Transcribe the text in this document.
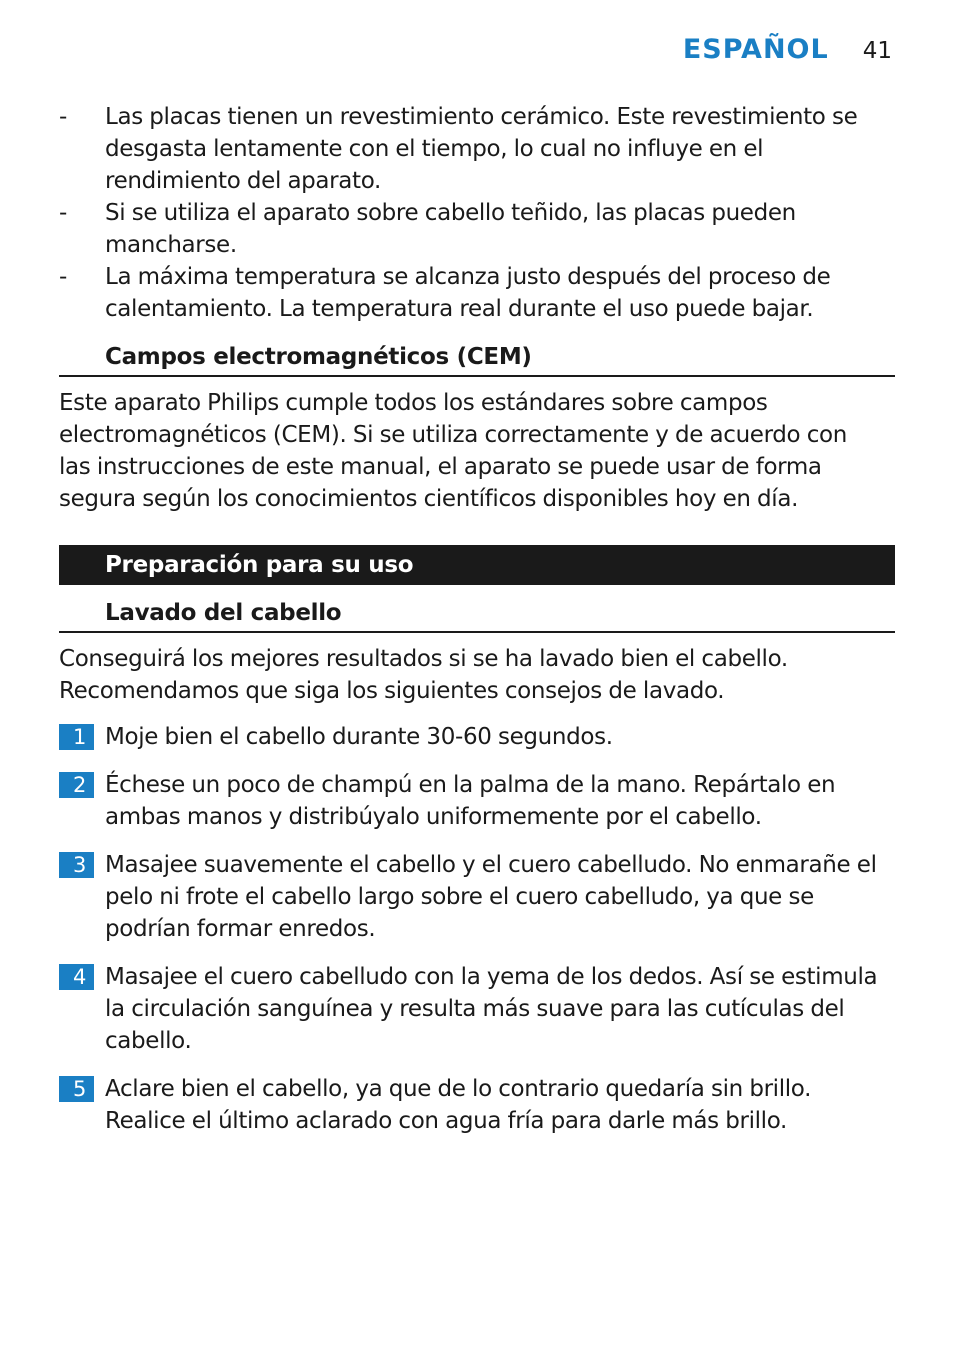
ESPAÑOL 41
- Las placas tienen un revestimiento cerámico. Este revestimiento se desgasta lentamente con el tiempo, lo cual no influye en el rendimiento del aparato.
- Si se utiliza el aparato sobre cabello teñido, las placas pueden mancharse.
- La máxima temperatura se alcanza justo después del proceso de calentamiento. La temperatura real durante el uso puede bajar.
Campos electromagnéticos (CEM)
Este aparato Philips cumple todos los estándares sobre campos electromagnéticos (CEM). Si se utiliza correctamente y de acuerdo con las instrucciones de este manual, el aparato se puede usar de forma segura según los conocimientos científicos disponibles hoy en día.
Preparación para su uso
Lavado del cabello
Conseguirá los mejores resultados si se ha lavado bien el cabello. Recomendamos que siga los siguientes consejos de lavado.
1 Moje bien el cabello durante 30-60 segundos.
2 Échese un poco de champú en la palma de la mano. Repártalo en ambas manos y distribúyalo uniformemente por el cabello.
3 Masajee suavemente el cabello y el cuero cabelludo. No enmarañe el pelo ni frote el cabello largo sobre el cuero cabelludo, ya que se podrían formar enredos.
4 Masajee el cuero cabelludo con la yema de los dedos. Así se estimula la circulación sanguínea y resulta más suave para las cutículas del cabello.
5 Aclare bien el cabello, ya que de lo contrario quedaría sin brillo. Realice el último aclarado con agua fría para darle más brillo.
